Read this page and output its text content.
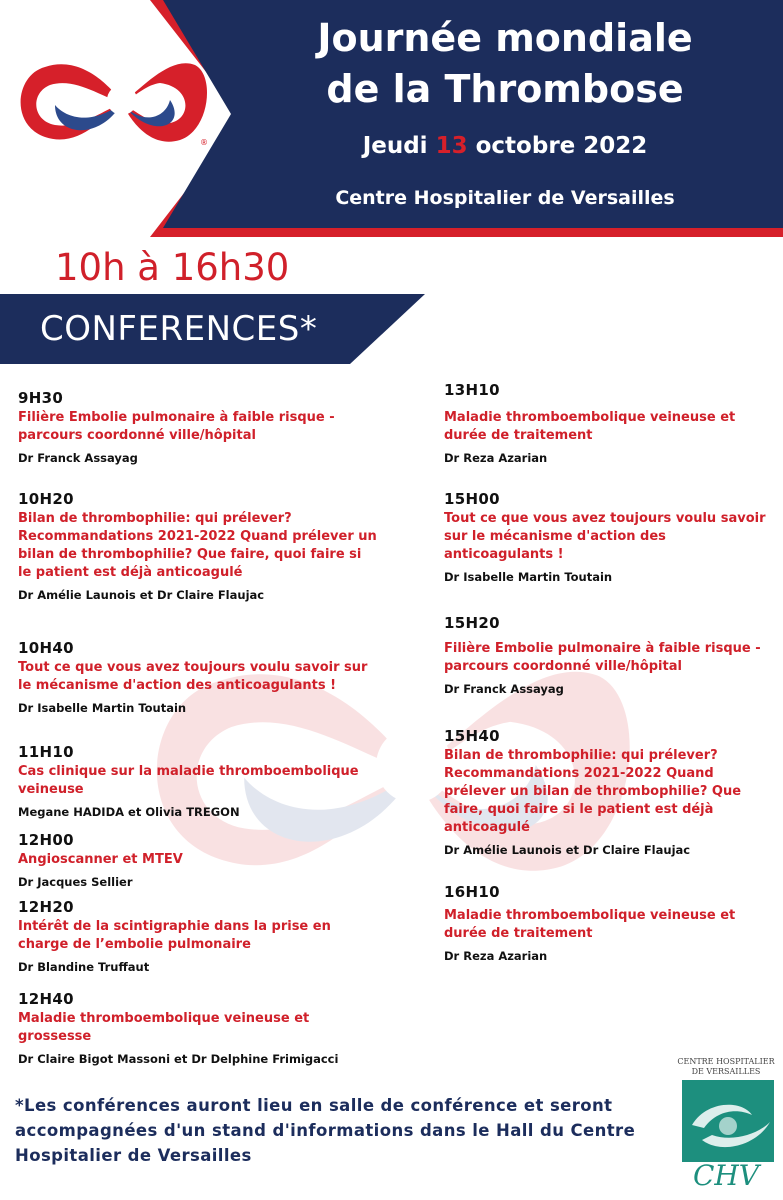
®
Journée mondiale
de la Thrombose
Jeudi 13 octobre 2022
Centre Hospitalier de Versailles
10h à 16h30
CONFERENCES*
9H30
Filière Embolie pulmonaire à faible risque - parcours coordonné ville/hôpital
Dr Franck Assayag
10H20
Bilan de thrombophilie: qui prélever? Recommandations 2021-2022 Quand prélever un bilan de thrombophilie? Que faire, quoi faire si le patient est déjà anticoagulé
Dr Amélie Launois et Dr Claire Flaujac
10H40
Tout ce que vous avez toujours voulu savoir sur le mécanisme d'action des anticoagulants !
Dr Isabelle Martin Toutain
11H10
Cas clinique sur la maladie thromboembolique veineuse
Megane HADIDA et Olivia TREGON
12H00
Angioscanner et MTEV
Dr Jacques Sellier
12H20
Intérêt de la scintigraphie dans la prise en charge de l’embolie pulmonaire
Dr Blandine Truffaut
12H40
Maladie thromboembolique veineuse et grossesse
Dr Claire Bigot Massoni et Dr Delphine Frimigacci
13H10
Maladie thromboembolique veineuse et durée de traitement
Dr Reza Azarian
15H00
Tout ce que vous avez toujours voulu savoir sur le mécanisme d'action des anticoagulants !
Dr Isabelle Martin Toutain
15H20
Filière Embolie pulmonaire à faible risque - parcours coordonné ville/hôpital
Dr Franck Assayag
15H40
Bilan de thrombophilie: qui prélever? Recommandations 2021-2022 Quand prélever un bilan de thrombophilie? Que faire, quoi faire si le patient est déjà anticoagulé
Dr Amélie Launois et Dr Claire Flaujac
16H10
Maladie thromboembolique veineuse et durée de traitement
Dr Reza Azarian
*Les conférences auront lieu en salle de conférence et seront accompagnées d'un stand d'informations dans le Hall du Centre Hospitalier de Versailles
CENTRE HOSPITALIER
DE VERSAILLES
CHV
